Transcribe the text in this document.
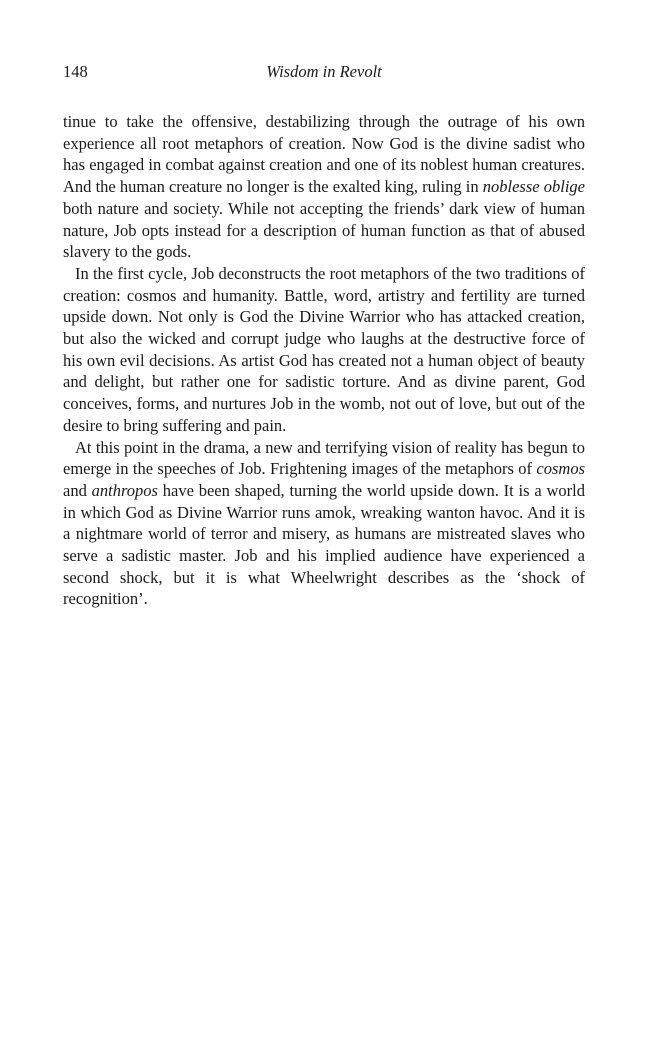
148	Wisdom in Revolt

tinue to take the offensive, destabilizing through the outrage of his own experience all root metaphors of creation. Now God is the divine sadist who has engaged in combat against creation and one of its noblest human creatures. And the human creature no longer is the exalted king, ruling in noblesse oblige both nature and society. While not accepting the friends’ dark view of human nature, Job opts instead for a description of human function as that of abused slavery to the gods.

In the first cycle, Job deconstructs the root metaphors of the two traditions of creation: cosmos and humanity. Battle, word, artistry and fertility are turned upside down. Not only is God the Divine Warrior who has attacked creation, but also the wicked and corrupt judge who laughs at the destructive force of his own evil decisions. As artist God has created not a human object of beauty and delight, but rather one for sadistic torture. And as divine parent, God conceives, forms, and nurtures Job in the womb, not out of love, but out of the desire to bring suffering and pain.

At this point in the drama, a new and terrifying vision of reality has begun to emerge in the speeches of Job. Frightening images of the metaphors of cosmos and anthropos have been shaped, turning the world upside down. It is a world in which God as Divine Warrior runs amok, wreaking wanton havoc. And it is a nightmare world of terror and misery, as humans are mistreated slaves who serve a sadistic master. Job and his implied audience have experienced a second shock, but it is what Wheelwright describes as the ‘shock of recognition’.
